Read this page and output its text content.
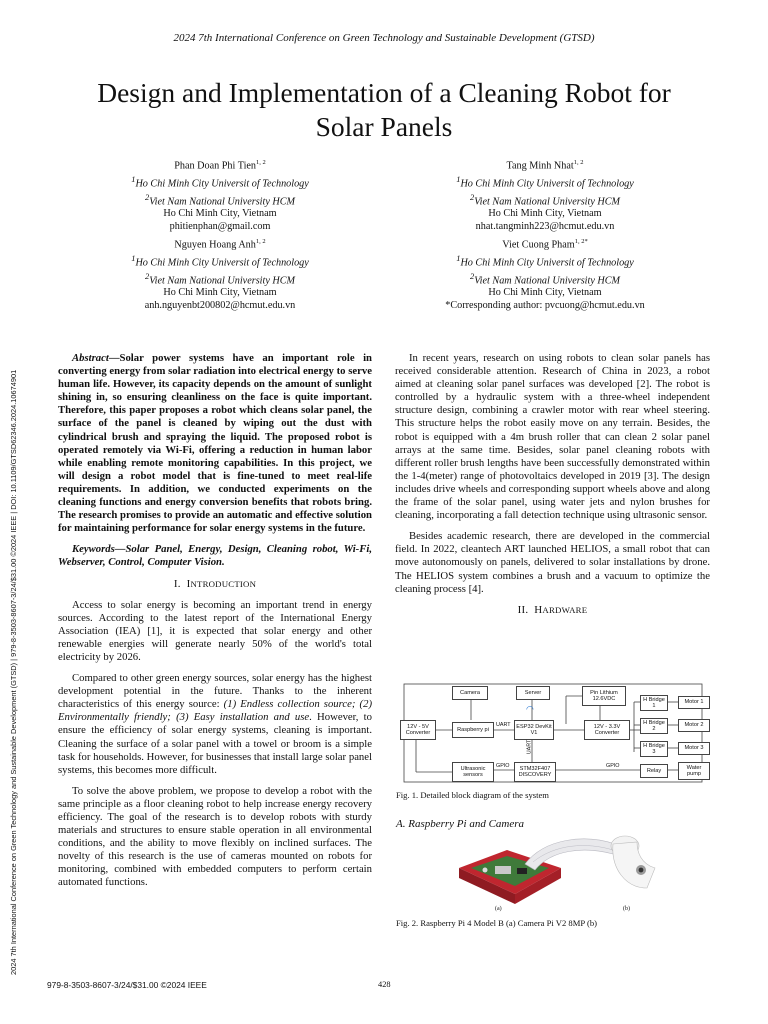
2024 7th International Conference on Green Technology and Sustainable Development (GTSD)
Design and Implementation of a Cleaning Robot for
Solar Panels
Phan Doan Phi Tien$^{1, 2}$
$^1$Ho Chi Minh City Universit of Technology
$^2$Viet Nam National University HCM
Ho Chi Minh City, Vietnam
phitienphan@gmail.com
Tang Minh Nhat$^{1, 2}$
$^1$Ho Chi Minh City Universit of Technology
$^2$Viet Nam National University HCM
Ho Chi Minh City, Vietnam
nhat.tangminh223@hcmut.edu.vn
Nguyen Hoang Anh$^{1, 2}$
$^1$Ho Chi Minh City Universit of Technology
$^2$Viet Nam National University HCM
Ho Chi Minh City, Vietnam
anh.nguyenbt200802@hcmut.edu.vn
Viet Cuong Pham$^{1, 2*}$
$^1$Ho Chi Minh City Universit of Technology
$^2$Viet Nam National University HCM
Ho Chi Minh City, Vietnam
*Corresponding author: pvcuong@hcmut.edu.vn
2024 7th International Conference on Green Technology and Sustainable Development (GTSD) | 979-8-3503-8607-3/24/$31.00 ©2024 IEEE | DOI: 10.1109/GTSD62346.2024.10674901

Abstract—Solar power systems have an important role in converting energy from solar radiation into electrical energy to serve human life. However, its capacity depends on the amount of sunlight shining in, so ensuring cleanliness on the face is quite important. Therefore, this paper proposes a robot which cleans solar panel, the surface of the panel is cleaned by wiping out the dust with cylindrical brush and spraying the liquid. The proposed robot is operated remotely via Wi-Fi, offering a reduction in human labor while enabling remote monitoring capabilities. In this project, we will design a robot model that is fine-tuned to meet real-life requirements. In addition, we conducted experiments on the cleaning functions and energy conversion benefits that robots bring. The research promises to provide an automatic and effective solution for maintaining performance for solar energy systems in the future.

Keywords—Solar Panel, Energy, Design, Cleaning robot, Wi-Fi, Webserver, Control, Computer Vision.

I. INTRODUCTION

Access to solar energy is becoming an important trend in energy sources. According to the latest report of the International Energy Association (IEA) [1], it is expected that solar energy and other renewable energies will generate nearly 50% of the world's total electricity by 2026.

Compared to other green energy sources, solar energy has the highest development potential in the future. Thanks to the inherent characteristics of this energy source: (1) Endless collection source; (2) Environmentally friendly; (3) Easy installation and use. However, to ensure the efficiency of solar energy systems, cleaning is important. Cleaning the surface of a solar panel with a towel or broom is a simple task for households. However, for businesses that install large solar panel systems, this becomes more difficult.

To solve the above problem, we propose to develop a robot with the same principle as a floor cleaning robot to help increase energy recovery efficiency. The goal of the research is to develop robots with sturdy materials and structures to ensure stable operation in all environmental conditions, and the ability to move flexibly on inclined surfaces. The novelty of this research is the use of cameras mounted on robots for monitoring, combined with embedded computers to perform certain automated functions.

In recent years, research on using robots to clean solar panels has received considerable attention. Research of China in 2023, a robot aimed at cleaning solar panel surfaces was developed [2]. The robot is controlled by a hydraulic system with a three-wheel independent structure design, combining a crawler motor with rear wheel steering. This structure helps the robot easily move on any terrain. Besides, the robot is equipped with a 4m brush roller that can clean 2 solar panel arrays at the same time. Besides, solar panel cleaning robots with different roller brush lengths have been successfully demonstrated within the 1-4(meter) range of photovoltaics developed in 2019 [3]. The design includes drive wheels and corresponding support wheels above and along the frame of the solar panel, using water jets and nylon brushes for cleaning, incorporating a fall detection technique using ultrasonic sensor.

Besides academic research, there are developed in the commercial field. In 2022, cleantech ART launched HELIOS, a small robot that can move autonomously on panels, delivered to solar installations by drone. The HELIOS system combines a brush and a vacuum to optimize the cleaning process [4].

II. HARDWARE
Camera	Server	Pin Lithium
12.6VDC
12V - 5V
Converter
Raspberry pi
UART	ESP32 DevKit
V1
12V - 3.3V
Converter
H Bridge
1
H Bridge
2
H Bridge
3
Motor 1
Motor 2
Motor 3
Ultrasonic
sensors
GPIO
UART
STM32F407
DISCOVERY
GPIO
Relay
Water
pump
◠
Fig. 1. Detailed block diagram of the system
A. Raspberry Pi and Camera
(a)	(b)
Fig. 2. Raspberry Pi 4 Model B (a) Camera Pi V2 8MP (b)
979-8-3503-8607-3/24/$31.00 ©2024 IEEE	428
